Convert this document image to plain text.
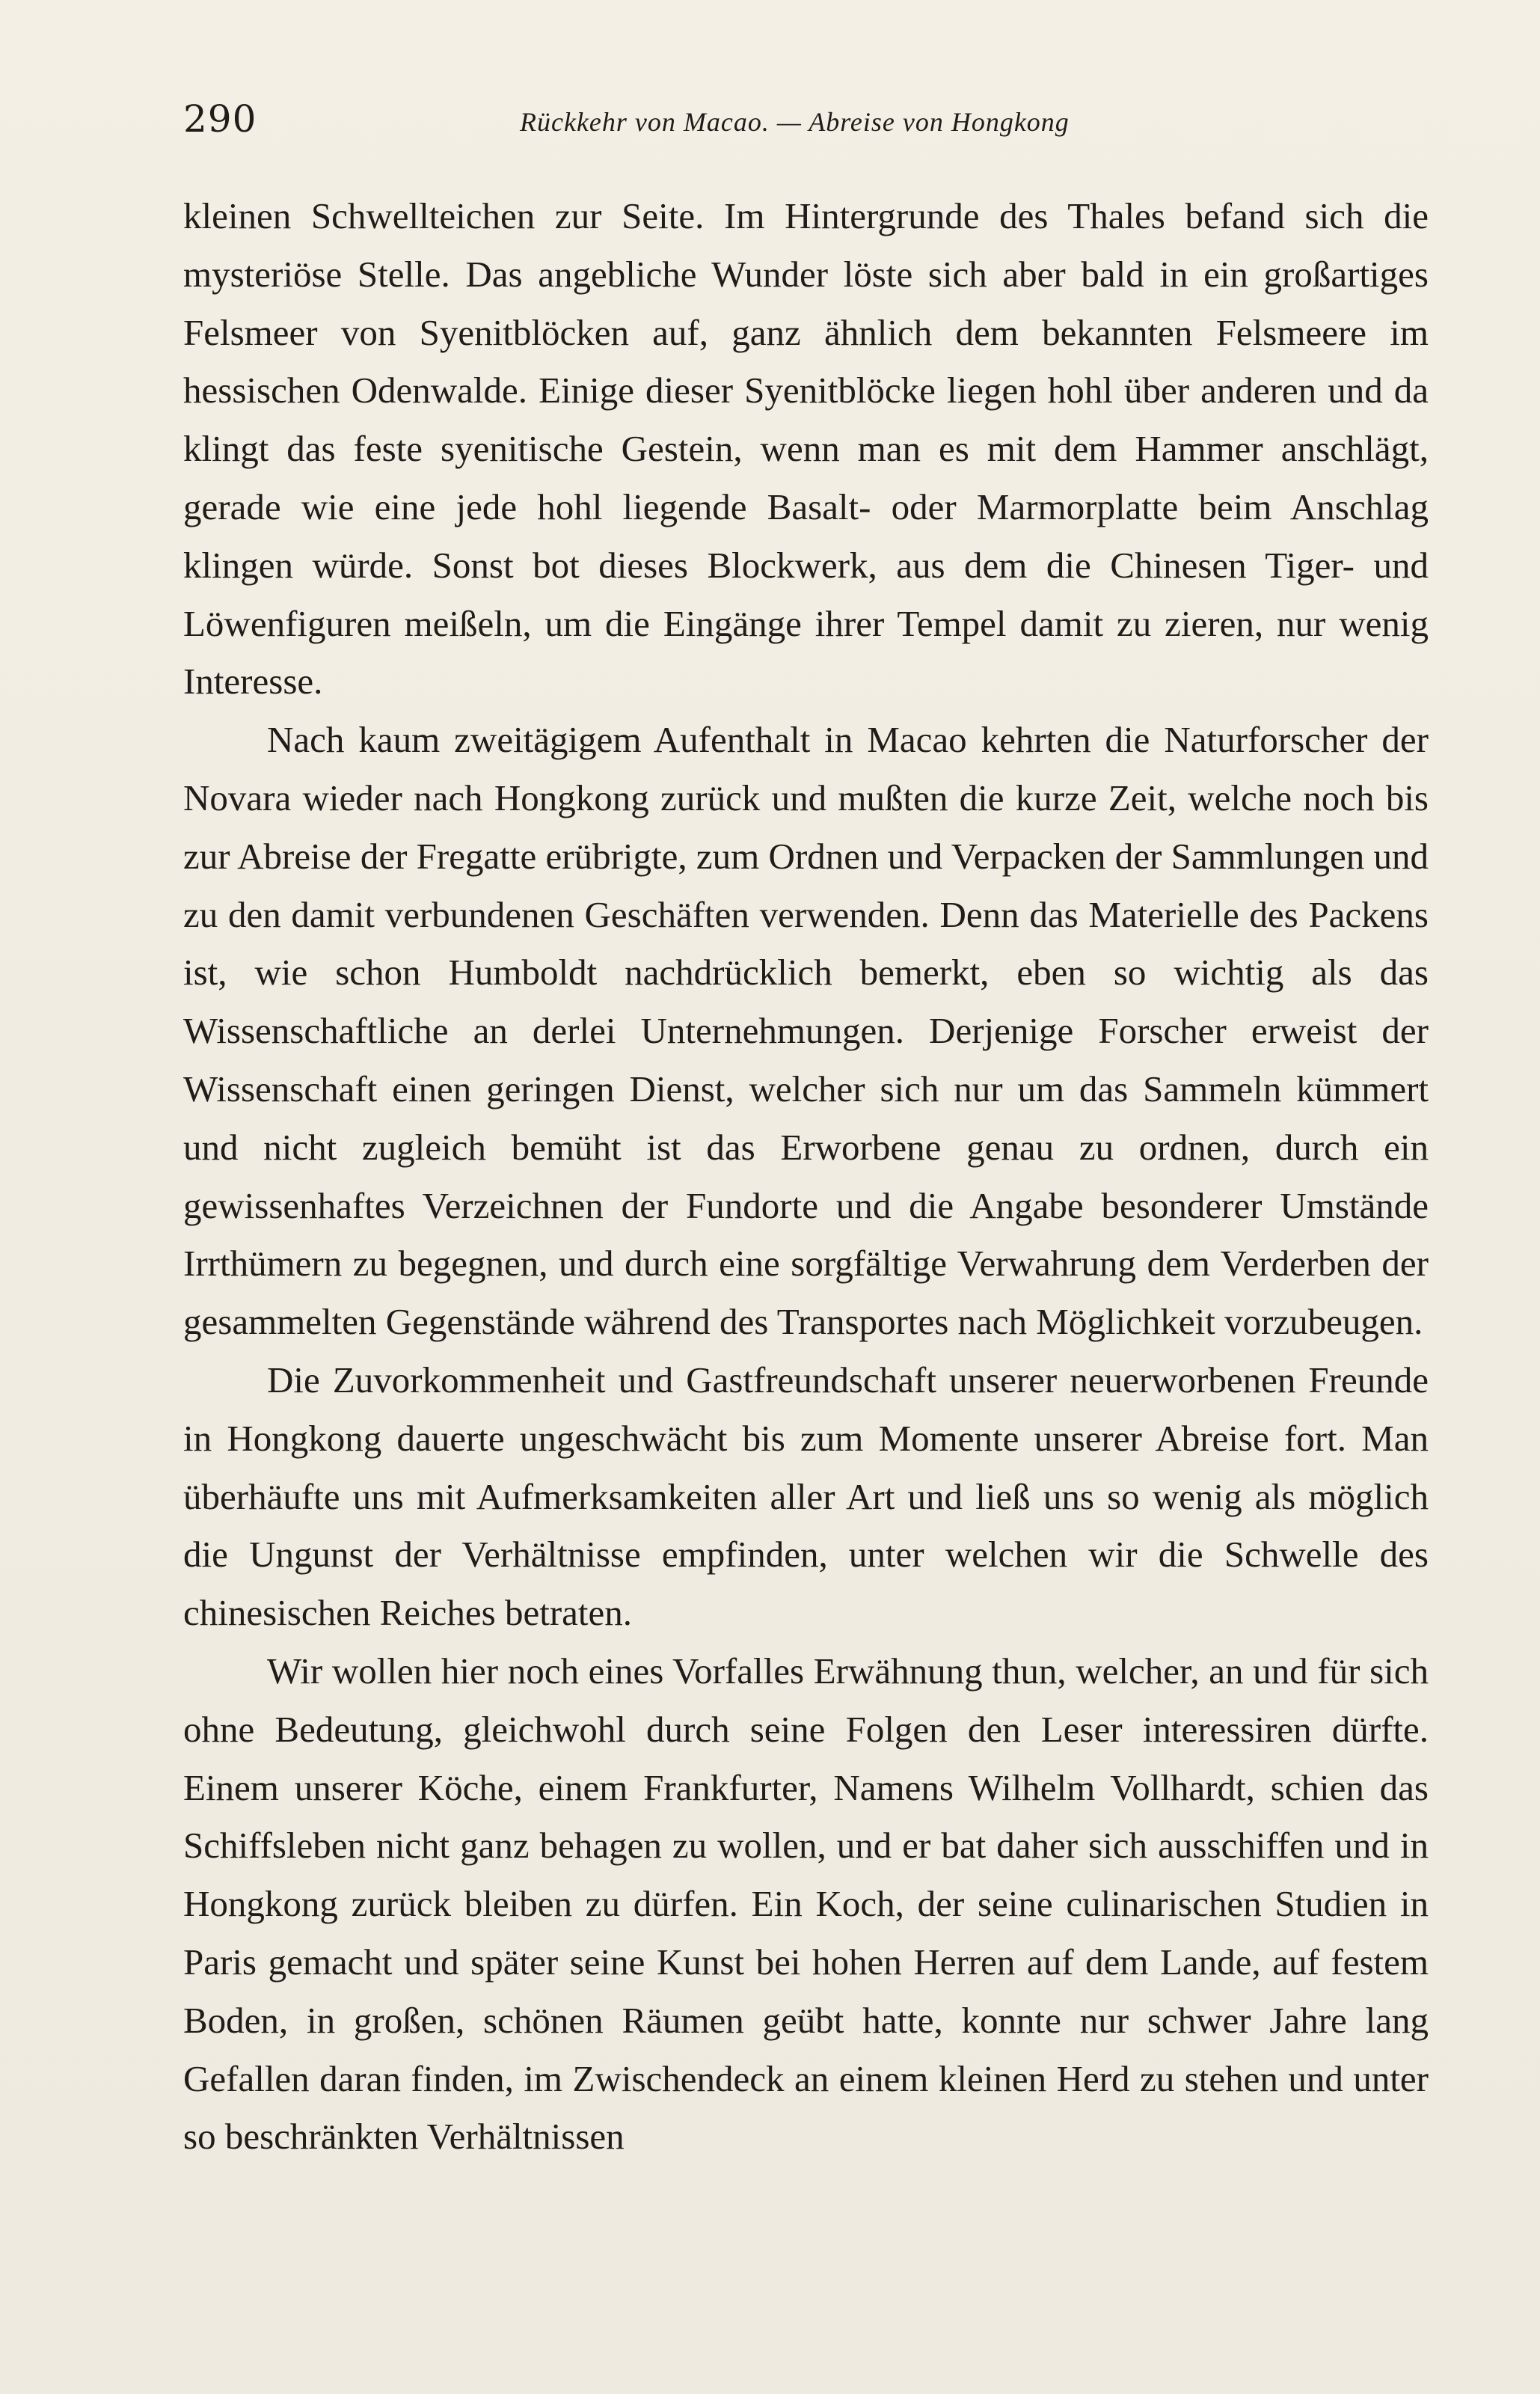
290	Rückkehr von Macao. — Abreise von Hongkong

kleinen Schwellteichen zur Seite. Im Hintergrunde des Thales befand sich die mysteriöse Stelle. Das angebliche Wunder löste sich aber bald in ein großartiges Felsmeer von Syenitblöcken auf, ganz ähnlich dem bekannten Felsmeere im hessischen Odenwalde. Einige dieser Syenitblöcke liegen hohl über anderen und da klingt das feste syenitische Gestein, wenn man es mit dem Hammer anschlägt, gerade wie eine jede hohl liegende Basalt- oder Marmorplatte beim Anschlag klingen würde. Sonst bot dieses Blockwerk, aus dem die Chinesen Tiger- und Löwenfiguren meißeln, um die Eingänge ihrer Tempel damit zu zieren, nur wenig Interesse.

Nach kaum zweitägigem Aufenthalt in Macao kehrten die Naturforscher der Novara wieder nach Hongkong zurück und mußten die kurze Zeit, welche noch bis zur Abreise der Fregatte erübrigte, zum Ordnen und Verpacken der Sammlungen und zu den damit verbundenen Geschäften verwenden. Denn das Materielle des Packens ist, wie schon Humboldt nachdrücklich bemerkt, eben so wichtig als das Wissenschaftliche an derlei Unternehmungen. Derjenige Forscher erweist der Wissenschaft einen geringen Dienst, welcher sich nur um das Sammeln kümmert und nicht zugleich bemüht ist das Erworbene genau zu ordnen, durch ein gewissenhaftes Verzeichnen der Fundorte und die Angabe besonderer Umstände Irrthümern zu begegnen, und durch eine sorgfältige Verwahrung dem Verderben der gesammelten Gegenstände während des Transportes nach Möglichkeit vorzubeugen.

Die Zuvorkommenheit und Gastfreundschaft unserer neuerworbenen Freunde in Hongkong dauerte ungeschwächt bis zum Momente unserer Abreise fort. Man überhäufte uns mit Aufmerksamkeiten aller Art und ließ uns so wenig als möglich die Ungunst der Verhältnisse empfinden, unter welchen wir die Schwelle des chinesischen Reiches betraten.

Wir wollen hier noch eines Vorfalles Erwähnung thun, welcher, an und für sich ohne Bedeutung, gleichwohl durch seine Folgen den Leser interessiren dürfte. Einem unserer Köche, einem Frankfurter, Namens Wilhelm Vollhardt, schien das Schiffsleben nicht ganz behagen zu wollen, und er bat daher sich ausschiffen und in Hongkong zurück bleiben zu dürfen. Ein Koch, der seine culinarischen Studien in Paris gemacht und später seine Kunst bei hohen Herren auf dem Lande, auf festem Boden, in großen, schönen Räumen geübt hatte, konnte nur schwer Jahre lang Gefallen daran finden, im Zwischendeck an einem kleinen Herd zu stehen und unter so beschränkten Verhältnissen
